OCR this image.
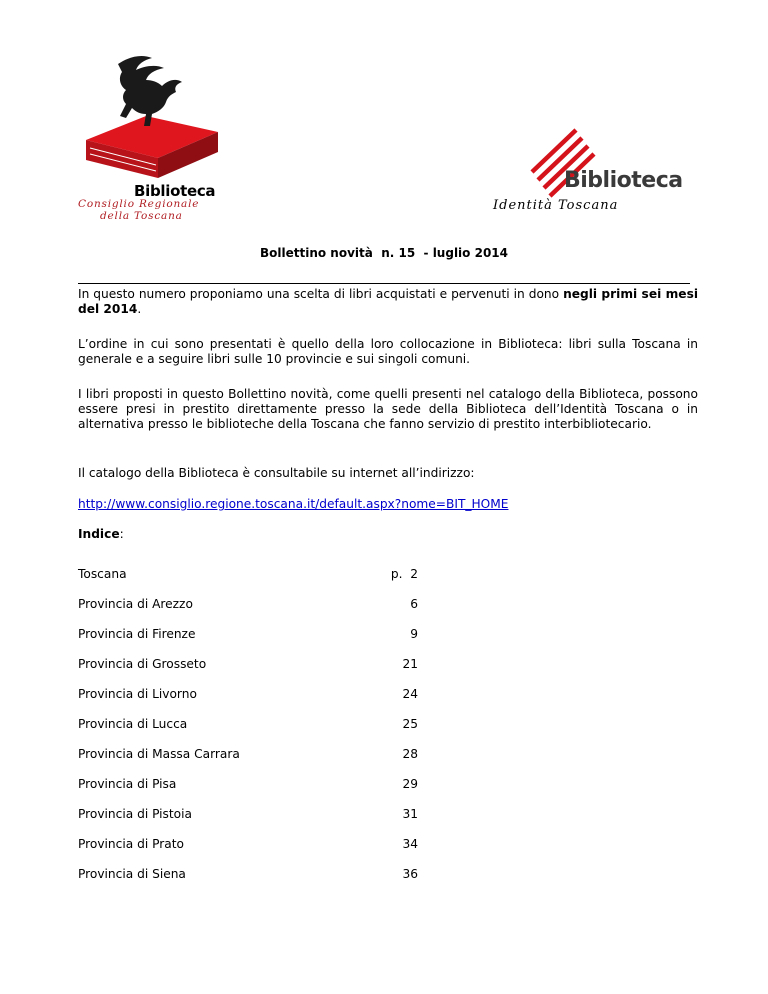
Biblioteca
Consiglio Regionale
della Toscana
Biblioteca
Identità Toscana
Bollettino novità  n. 15  - luglio 2014

In questo numero proponiamo una scelta di libri acquistati e pervenuti in dono negli primi sei mesi del 2014.

L’ordine in cui sono presentati è quello della loro collocazione in Biblioteca: libri sulla Toscana in generale e a seguire libri sulle 10 provincie e sui singoli comuni.

I libri proposti in questo Bollettino novità, come quelli presenti nel catalogo della Biblioteca, possono essere presi in prestito direttamente presso la sede della Biblioteca dell’Identità Toscana o in alternativa presso le biblioteche della Toscana che fanno servizio di prestito interbibliotecario.

Il catalogo della Biblioteca è consultabile su internet all’indirizzo:

http://www.consiglio.regione.toscana.it/default.aspx?nome=BIT_HOME

Indice:

Toscana	p.  2
Provincia di Arezzo	6
Provincia di Firenze	9
Provincia di Grosseto	21
Provincia di Livorno	24
Provincia di Lucca	25
Provincia di Massa Carrara	28
Provincia di Pisa	29
Provincia di Pistoia	31
Provincia di Prato	34
Provincia di Siena	36
